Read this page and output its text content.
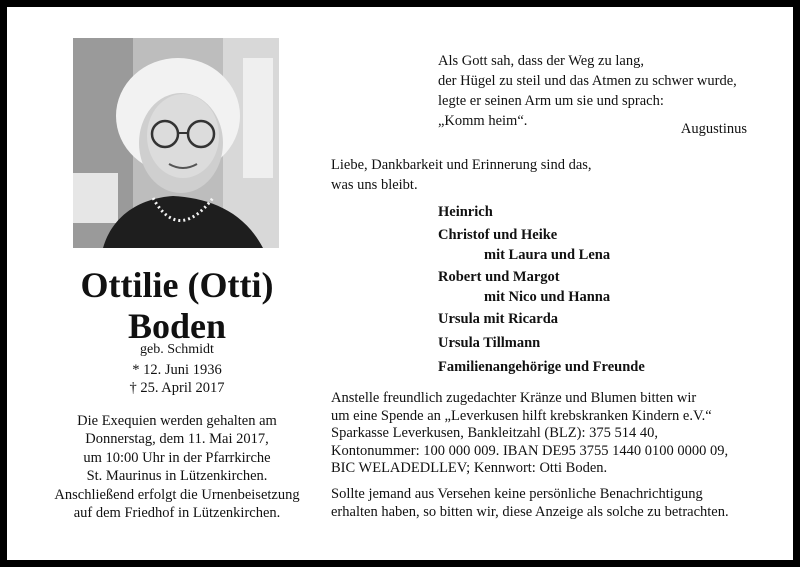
Ottilie (Otti)
Boden
geb. Schmidt
* 12. Juni 1936
† 25. April 2017
Die Exequien werden gehalten am
Donnerstag, dem 11. Mai 2017,
um 10:00 Uhr in der Pfarrkirche
St. Maurinus in Lützenkirchen.
Anschließend erfolgt die Urnenbeisetzung
auf dem Friedhof in Lützenkirchen.
Als Gott sah, dass der Weg zu lang,
der Hügel zu steil und das Atmen zu schwer wurde,
legte er seinen Arm um sie und sprach:
„Komm heim“.	Augustinus
Liebe, Dankbarkeit und Erinnerung sind das,
was uns bleibt.
Heinrich
Christof und Heike
mit Laura und Lena
Robert und Margot
mit Nico und Hanna
Ursula mit Ricarda
Ursula Tillmann
Familienangehörige und Freunde
Anstelle freundlich zugedachter Kränze und Blumen bitten wir
um eine Spende an „Leverkusen hilft krebskranken Kindern e.V.“
Sparkasse Leverkusen, Bankleitzahl (BLZ): 375 514 40,
Kontonummer: 100 000 009. IBAN DE95 3755 1440 0100 0000 09,
BIC WELADEDLLEV; Kennwort: Otti Boden.
Sollte jemand aus Versehen keine persönliche Benachrichtigung
erhalten haben, so bitten wir, diese Anzeige als solche zu betrachten.
